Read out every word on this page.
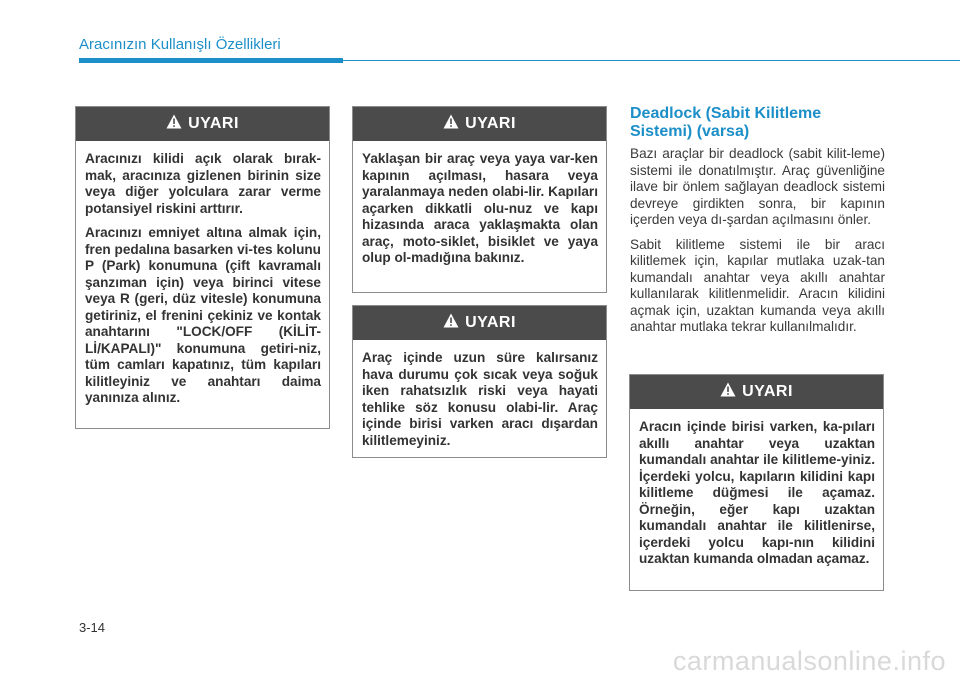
Aracınızın Kullanışlı Özellikleri
UYARI

Aracınızı kilidi açık olarak bırak-mak, aracınıza gizlenen birinin size veya diğer yolculara zarar verme potansiyel riskini arttırır.

Aracınızı emniyet altına almak için, fren pedalına basarken vi-tes kolunu P (Park) konumuna (çift kavramalı şanzıman için) veya birinci vitese veya R (geri, düz vitesle) konumuna getiriniz, el frenini çekiniz ve kontak anahtarını "LOCK/OFF (KİLİT-Lİ/KAPALI)" konumuna getiri-niz, tüm camları kapatınız, tüm kapıları kilitleyiniz ve anahtarı daima yanınıza alınız.

UYARI

Yaklaşan bir araç veya yaya var-ken kapının açılması, hasara veya yaralanmaya neden olabi-lir. Kapıları açarken dikkatli olu-nuz ve kapı hizasında araca yaklaşmakta olan araç, moto-siklet, bisiklet ve yaya olup ol-madığına bakınız.

UYARI

Araç içinde uzun süre kalırsanız hava durumu çok sıcak veya soğuk iken rahatsızlık riski veya hayati tehlike söz konusu olabi-lir. Araç içinde birisi varken aracı dışardan kilitlemeyiniz.

Deadlock (Sabit Kilitleme Sistemi) (varsa)

Bazı araçlar bir deadlock (sabit kilit-leme) sistemi ile donatılmıştır. Araç güvenliğine ilave bir önlem sağlayan deadlock sistemi devreye girdikten sonra, bir kapının içerden veya dı-şardan açılmasını önler.

Sabit kilitleme sistemi ile bir aracı kilitlemek için, kapılar mutlaka uzak-tan kumandalı anahtar veya akıllı anahtar kullanılarak kilitlenmelidir. Aracın kilidini açmak için, uzaktan kumanda veya akıllı anahtar mutlaka tekrar kullanılmalıdır.

UYARI

Aracın içinde birisi varken, ka-pıları akıllı anahtar veya uzaktan kumandalı anahtar ile kilitleme-yiniz. İçerdeki yolcu, kapıların kilidini kapı kilitleme düğmesi ile açamaz. Örneğin, eğer kapı uzaktan kumandalı anahtar ile kilitlenirse, içerdeki yolcu kapı-nın kilidini uzaktan kumanda olmadan açamaz.

3-14
carmanualsonline.info
